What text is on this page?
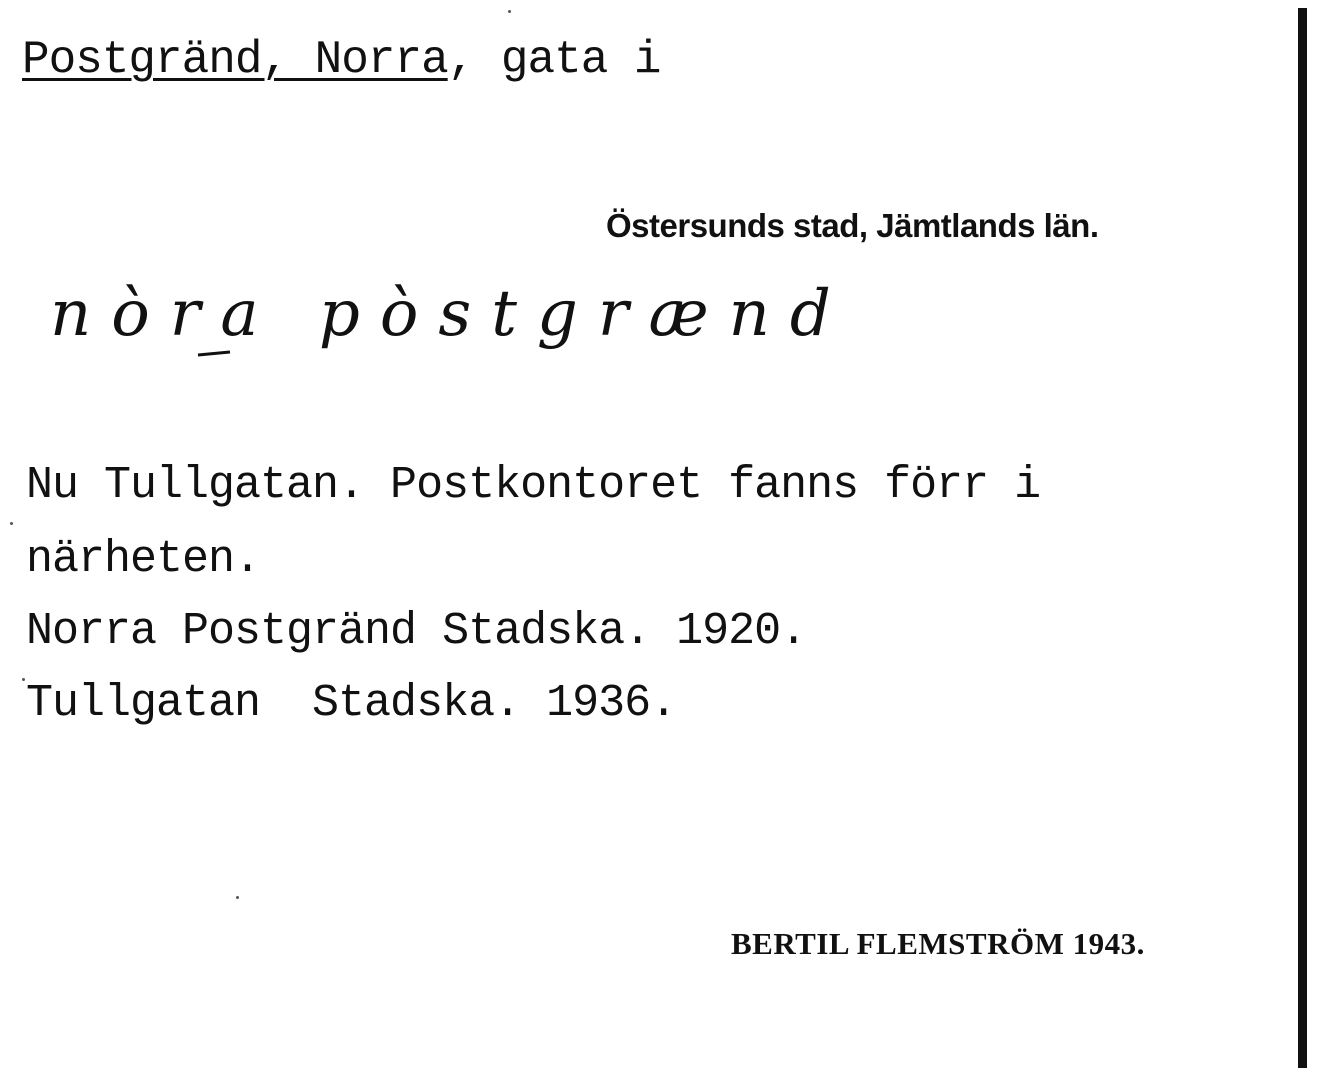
Postgränd, Norra, gata i
Östersunds stad, Jämtlands län.
nòra pòstgrænd
Nu Tullgatan. Postkontoret fanns förr i
närheten.
Norra Postgränd Stadska. 1920.
Tullgatan  Stadska. 1936.
BERTIL FLEMSTRÖM 1943.
